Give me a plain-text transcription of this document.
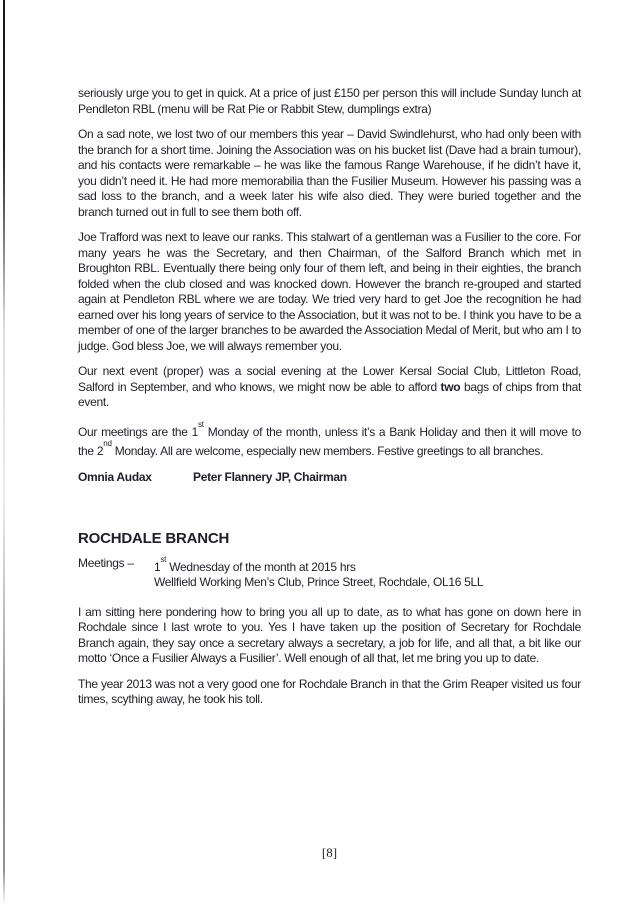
seriously urge you to get in quick. At a price of just £150 per person this will include Sunday lunch at Pendleton RBL (menu will be Rat Pie or Rabbit Stew, dumplings extra)

On a sad note, we lost two of our members this year – David Swindlehurst, who had only been with the branch for a short time. Joining the Association was on his bucket list (Dave had a brain tumour), and his contacts were remarkable – he was like the famous Range Warehouse, if he didn’t have it, you didn’t need it. He had more memorabilia than the Fusilier Museum. However his passing was a sad loss to the branch, and a week later his wife also died. They were buried together and the branch turned out in full to see them both off.

Joe Trafford was next to leave our ranks. This stalwart of a gentleman was a Fusilier to the core. For many years he was the Secretary, and then Chairman, of the Salford Branch which met in Broughton RBL. Eventually there being only four of them left, and being in their eighties, the branch folded when the club closed and was knocked down. However the branch re-grouped and started again at Pendleton RBL where we are today. We tried very hard to get Joe the recognition he had earned over his long years of service to the Association, but it was not to be. I think you have to be a member of one of the larger branches to be awarded the Association Medal of Merit, but who am I to judge. God bless Joe, we will always remember you.

Our next event (proper) was a social evening at the Lower Kersal Social Club, Littleton Road, Salford in September, and who knows, we might now be able to afford two bags of chips from that event.

Our meetings are the 1st Monday of the month, unless it’s a Bank Holiday and then it will move to the 2nd Monday. All are welcome, especially new members. Festive greetings to all branches.

Omnia Audax	Peter Flannery JP, Chairman

ROCHDALE BRANCH
Meetings –	1st Wednesday of the month at 2015 hrs
Wellfield Working Men’s Club, Prince Street, Rochdale, OL16 5LL

I am sitting here pondering how to bring you all up to date, as to what has gone on down here in Rochdale since I last wrote to you. Yes I have taken up the position of Secretary for Rochdale Branch again, they say once a secretary always a secretary, a job for life, and all that, a bit like our motto ‘Once a Fusilier Always a Fusilier’. Well enough of all that, let me bring you up to date.

The year 2013 was not a very good one for Rochdale Branch in that the Grim Reaper visited us four times, scything away, he took his toll.

[8]
